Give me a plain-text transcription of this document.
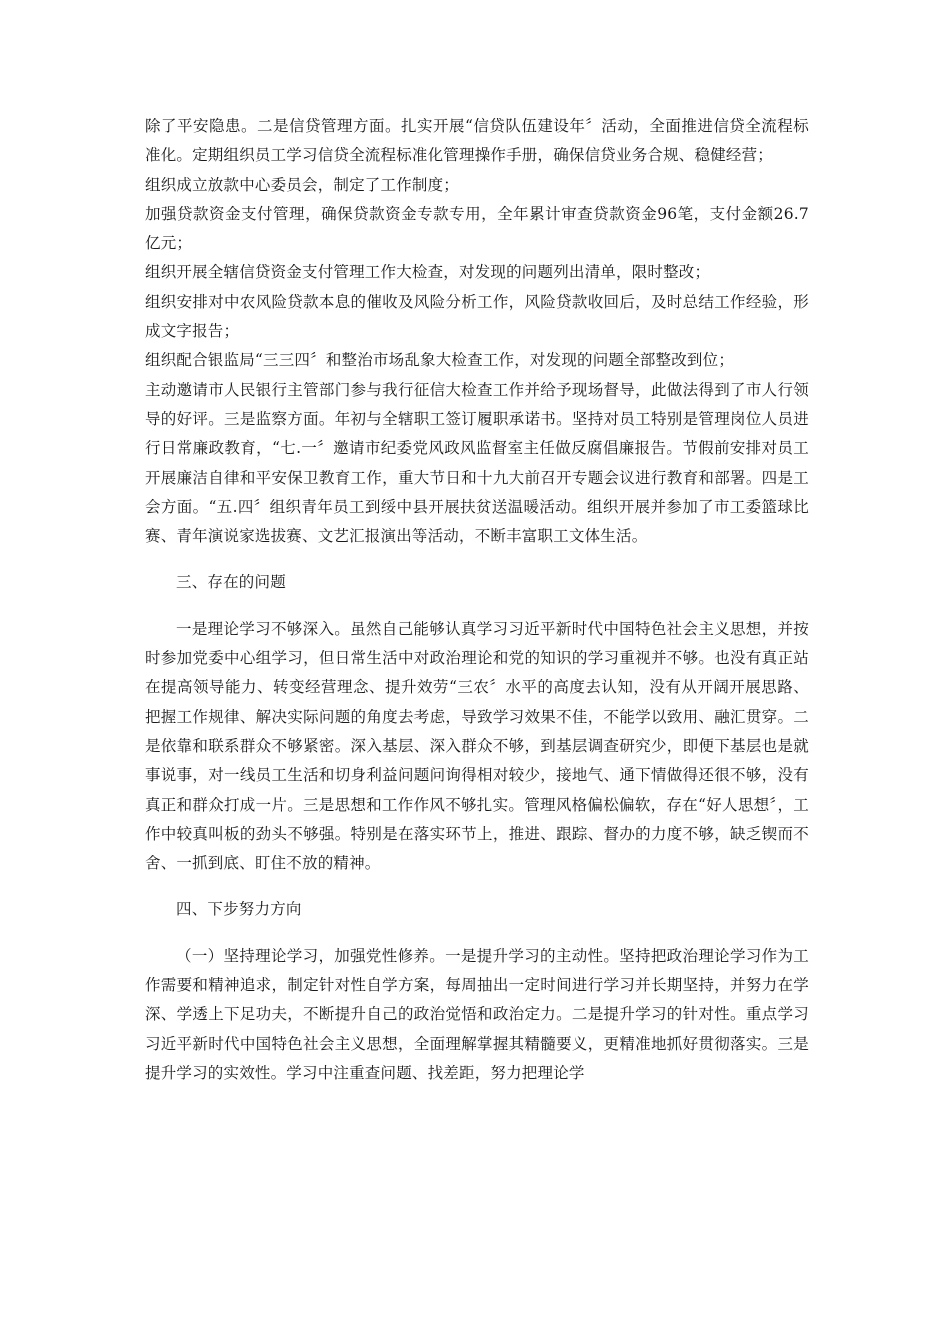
除了平安隐患。二是信贷管理方面。扎实开展“信贷队伍建设年〞活动，全面推进信贷全流程标准化。定期组织员工学习信贷全流程标准化管理操作手册，确保信贷业务合规、稳健经营；

组织成立放款中心委员会，制定了工作制度；

加强贷款资金支付管理，确保贷款资金专款专用，全年累计审查贷款资金96笔，支付金额26.7亿元；

组织开展全辖信贷资金支付管理工作大检查，对发现的问题列出清单，限时整改；

组织安排对中农风险贷款本息的催收及风险分析工作，风险贷款收回后，及时总结工作经验，形成文字报告；

组织配合银监局“三三四〞和整治市场乱象大检查工作，对发现的问题全部整改到位；

主动邀请市人民银行主管部门参与我行征信大检查工作并给予现场督导，此做法得到了市人行领导的好评。三是监察方面。年初与全辖职工签订履职承诺书。坚持对员工特别是管理岗位人员进行日常廉政教育，“七.一〞邀请市纪委党风政风监督室主任做反腐倡廉报告。节假前安排对员工开展廉洁自律和平安保卫教育工作，重大节日和十九大前召开专题会议进行教育和部署。四是工会方面。“五.四〞组织青年员工到绥中县开展扶贫送温暖活动。组织开展并参加了市工委篮球比赛、青年演说家选拔赛、文艺汇报演出等活动，不断丰富职工文体生活。

三、存在的问题

一是理论学习不够深入。虽然自己能够认真学习习近平新时代中国特色社会主义思想，并按时参加党委中心组学习，但日常生活中对政治理论和党的知识的学习重视并不够。也没有真正站在提高领导能力、转变经营理念、提升效劳“三农〞水平的高度去认知，没有从开阔开展思路、把握工作规律、解决实际问题的角度去考虑，导致学习效果不佳，不能学以致用、融汇贯穿。二是依靠和联系群众不够紧密。深入基层、深入群众不够，到基层调查研究少，即便下基层也是就事说事，对一线员工生活和切身利益问题问询得相对较少，接地气、通下情做得还很不够，没有真正和群众打成一片。三是思想和工作作风不够扎实。管理风格偏松偏软，存在“好人思想〞，工作中较真叫板的劲头不够强。特别是在落实环节上，推进、跟踪、督办的力度不够，缺乏锲而不舍、一抓到底、盯住不放的精神。

四、下步努力方向

（一）坚持理论学习，加强党性修养。一是提升学习的主动性。坚持把政治理论学习作为工作需要和精神追求，制定针对性自学方案，每周抽出一定时间进行学习并长期坚持，并努力在学深、学透上下足功夫，不断提升自己的政治觉悟和政治定力。二是提升学习的针对性。重点学习习近平新时代中国特色社会主义思想，全面理解掌握其精髓要义，更精准地抓好贯彻落实。三是提升学习的实效性。学习中注重查问题、找差距，努力把理论学
